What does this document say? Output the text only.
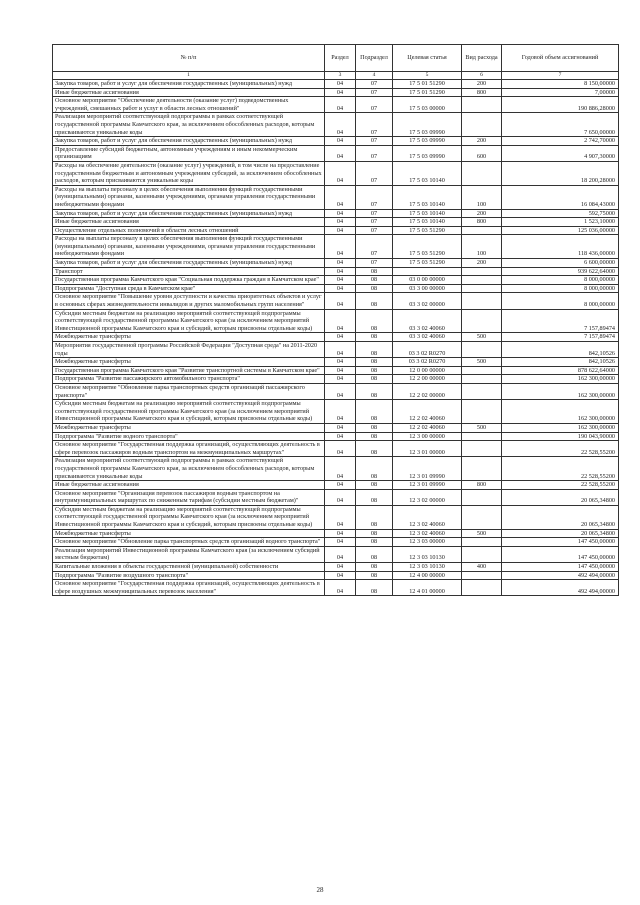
№ п/п	Раздел	Подраздел	Целевая статья	Вид расхода	Годовой объем ассигнований
1	3	4	5	6	7
Закупка товаров, работ и услуг для обеспечения государственных (муниципальных) нужд	04	07	17 5 01 51290	200	8 150,00000
Иные бюджетные ассигнования	04	07	17 5 01 51290	800	7,00000
Основное мероприятие "Обеспечение деятельности (оказание услуг) подведомственных учреждений, смешанных работ и услуг в области лесных отношений"	04	07	17 5 03 00000		190 886,28000
Реализация мероприятий соответствующей подпрограммы в рамках соответствующей государственной программы Камчатского края, за исключением обособленных расходов, которым присваиваются уникальные коды	04	07	17 5 03 09990		7 650,00000
Закупка товаров, работ и услуг для обеспечения государственных (муниципальных) нужд	04	07	17 5 03 09990	200	2 742,70000
Предоставление субсидий бюджетным, автономным учреждениям и иным некоммерческим организациям	04	07	17 5 03 09990	600	4 907,30000
Расходы на обеспечение деятельности (оказание услуг) учреждений, в том числе на предоставление государственным бюджетным и автономным учреждениям субсидий, за исключением обособленных расходов, которым присваиваются уникальные коды	04	07	17 5 03 10140		18 200,28000
Расходы на выплаты персоналу в целях обеспечения выполнения функций государственными (муниципальными) органами, казенными учреждениями, органами управления государственными внебюджетными фондами	04	07	17 5 03 10140	100	16 084,43000
Закупка товаров, работ и услуг для обеспечения государственных (муниципальных) нужд	04	07	17 5 03 10140	200	592,75000
Иные бюджетные ассигнования	04	07	17 5 03 10140	800	1 523,10000
Осуществление отдельных полномочий в области лесных отношений	04	07	17 5 03 51290		125 036,00000
Расходы на выплаты персоналу в целях обеспечения выполнения функций государственными (муниципальными) органами, казенными учреждениями, органами управления государственными внебюджетными фондами	04	07	17 5 03 51290	100	118 436,00000
Закупка товаров, работ и услуг для обеспечения государственных (муниципальных) нужд	04	07	17 5 03 51290	200	6 600,00000
Транспорт	04	08			939 622,64000
Государственная программа Камчатского края "Социальная поддержка граждан в Камчатском крае"	04	08	03 0 00 00000		8 000,00000
Подпрограмма "Доступная среда в Камчатском крае"	04	08	03 3 00 00000		8 000,00000
Основное мероприятие "Повышение уровня доступности и качества приоритетных объектов и услуг в основных сферах жизнедеятельности инвалидов и других маломобильных групп населения"	04	08	03 3 02 00000		8 000,00000
Субсидии местным бюджетам на реализацию мероприятий соответствующей подпрограммы соответствующей государственной программы Камчатского края (за исключением мероприятий Инвестиционной программы Камчатского края и субсидий, которым присвоены отдельные коды)	04	08	03 3 02 40060		7 157,89474
Межбюджетные трансферты	04	08	03 3 02 40060	500	7 157,89474
Мероприятия государственной программы Российской Федерации "Доступная среда" на 2011-2020 годы	04	08	03 3 02 R0270		842,10526
Межбюджетные трансферты	04	08	03 3 02 R0270	500	842,10526
Государственная программа Камчатского края "Развитие транспортной системы в Камчатском крае"	04	08	12 0 00 00000		878 622,64000
Подпрограмма "Развитие пассажирского автомобильного транспорта"	04	08	12 2 00 00000		162 300,00000
Основное мероприятие "Обновление парка транспортных средств организаций пассажирского транспорта"	04	08	12 2 02 00000		162 300,00000
Субсидии местным бюджетам на реализацию мероприятий соответствующей подпрограммы соответствующей государственной программы Камчатского края (за исключением мероприятий Инвестиционной программы Камчатского края и субсидий, которым присвоены отдельные коды)	04	08	12 2 02 40060		162 300,00000
Межбюджетные трансферты	04	08	12 2 02 40060	500	162 300,00000
Подпрограмма "Развитие водного транспорта"	04	08	12 3 00 00000		190 043,90000
Основное мероприятие "Государственная поддержка организаций, осуществляющих деятельность в сфере перевозок пассажиров водным транспортом на межмуниципальных маршрутах"	04	08	12 3 01 00000		22 528,55200
Реализация мероприятий соответствующей подпрограммы в рамках соответствующей государственной программы Камчатского края, за исключением обособленных расходов, которым присваиваются уникальные коды	04	08	12 3 01 09990		22 528,55200
Иные бюджетные ассигнования	04	08	12 3 01 09990	800	22 528,55200
Основное мероприятие "Организация перевозок пассажиров водным транспортом на внутримуниципальных маршрутах по сниженным тарифам (субсидии местным бюджетам)"	04	08	12 3 02 00000		20 065,34800
Субсидии местным бюджетам на реализацию мероприятий соответствующей подпрограммы соответствующей государственной программы Камчатского края (за исключением мероприятий Инвестиционной программы Камчатского края и субсидий, которым присвоены отдельные коды)	04	08	12 3 02 40060		20 065,34800
Межбюджетные трансферты	04	08	12 3 02 40060	500	20 065,34800
Основное мероприятие "Обновление парка транспортных средств организаций водного транспорта"	04	08	12 3 03 00000		147 450,00000
Реализация мероприятий Инвестиционной программы Камчатского края (за исключением субсидий местным бюджетам)	04	08	12 3 03 10130		147 450,00000
Капитальные вложения в объекты государственной (муниципальной) собственности	04	08	12 3 03 10130	400	147 450,00000
Подпрограмма "Развитие воздушного транспорта"	04	08	12 4 00 00000		492 494,00000
Основное мероприятие "Государственная поддержка организаций, осуществляющих деятельность в сфере воздушных межмуниципальных перевозок населения"	04	08	12 4 01 00000		492 494,00000
28
